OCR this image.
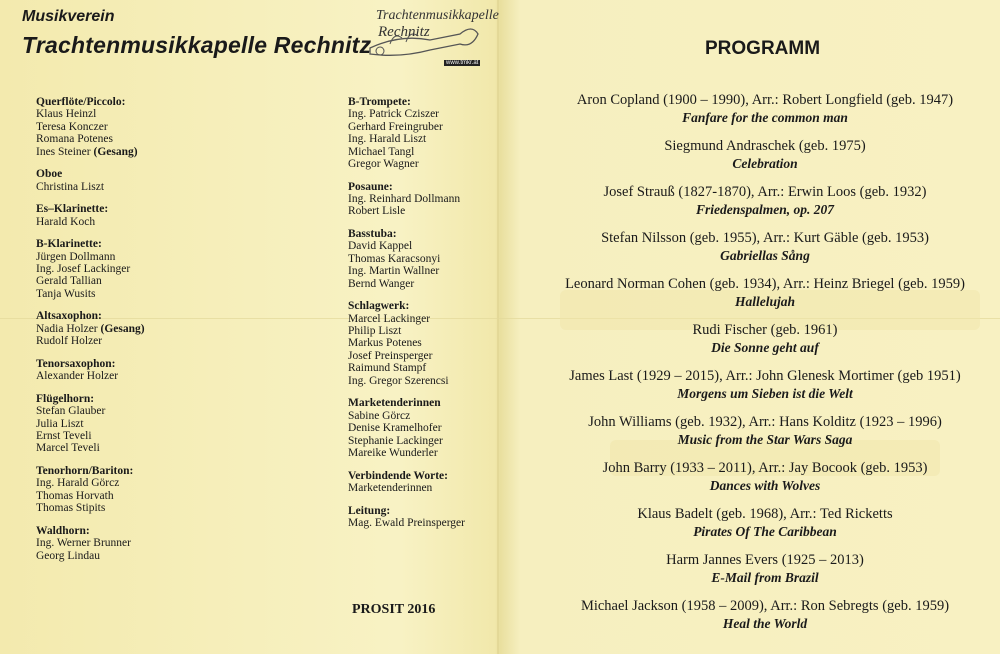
Musikverein
Trachtenmusikkapelle Rechnitz
Trachtenmusikkapelle
Rechnitz
www.tmkr.at
Querflöte/Piccolo:
Klaus Heinzl
Teresa Konczer
Romana Potenes
Ines Steiner (Gesang)
Oboe
Christina Liszt
Es–Klarinette:
Harald Koch
B-Klarinette:
Jürgen Dollmann
Ing. Josef Lackinger
Gerald Tallian
Tanja Wusits
Altsaxophon:
Nadia Holzer (Gesang)
Rudolf Holzer
Tenorsaxophon:
Alexander Holzer
Flügelhorn:
Stefan Glauber
Julia Liszt
Ernst Teveli
Marcel Teveli
Tenorhorn/Bariton:
Ing. Harald Görcz
Thomas Horvath
Thomas Stipits
Waldhorn:
Ing. Werner Brunner
Georg Lindau
B-Trompete:
Ing. Patrick Cziszer
Gerhard Freingruber
Ing. Harald Liszt
Michael Tangl
Gregor Wagner
Posaune:
Ing. Reinhard Dollmann
Robert Lisle
Basstuba:
David Kappel
Thomas Karacsonyi
Ing. Martin Wallner
Bernd Wanger
Schlagwerk:
Marcel Lackinger
Philip Liszt
Markus Potenes
Josef Preinsperger
Raimund Stampf
Ing. Gregor Szerencsi
Marketenderinnen
Sabine Görcz
Denise Kramelhofer
Stephanie Lackinger
Mareike Wunderler
Verbindende Worte:
Marketenderinnen
Leitung:
Mag. Ewald Preinsperger
PROSIT 2016
PROGRAMM
Aron Copland (1900 – 1990), Arr.: Robert Longfield (geb. 1947)
Fanfare for the common man
Siegmund Andraschek (geb. 1975)
Celebration
Josef Strauß (1827-1870), Arr.: Erwin Loos (geb. 1932)
Friedenspalmen, op. 207
Stefan Nilsson (geb. 1955), Arr.: Kurt Gäble (geb. 1953)
Gabriellas Sång
Leonard Norman Cohen (geb. 1934), Arr.: Heinz Briegel (geb. 1959)
Hallelujah
Rudi Fischer (geb. 1961)
Die Sonne geht auf
James Last (1929 – 2015), Arr.: John Glenesk Mortimer (geb 1951)
Morgens um Sieben ist die Welt
John Williams (geb. 1932), Arr.: Hans Kolditz (1923 – 1996)
Music from the Star Wars Saga
John Barry (1933 – 2011), Arr.: Jay Bocook (geb. 1953)
Dances with Wolves
Klaus Badelt (geb. 1968), Arr.: Ted Ricketts
Pirates Of The Caribbean
Harm Jannes Evers (1925 – 2013)
E-Mail from Brazil
Michael Jackson (1958 – 2009), Arr.: Ron Sebregts (geb. 1959)
Heal the World
